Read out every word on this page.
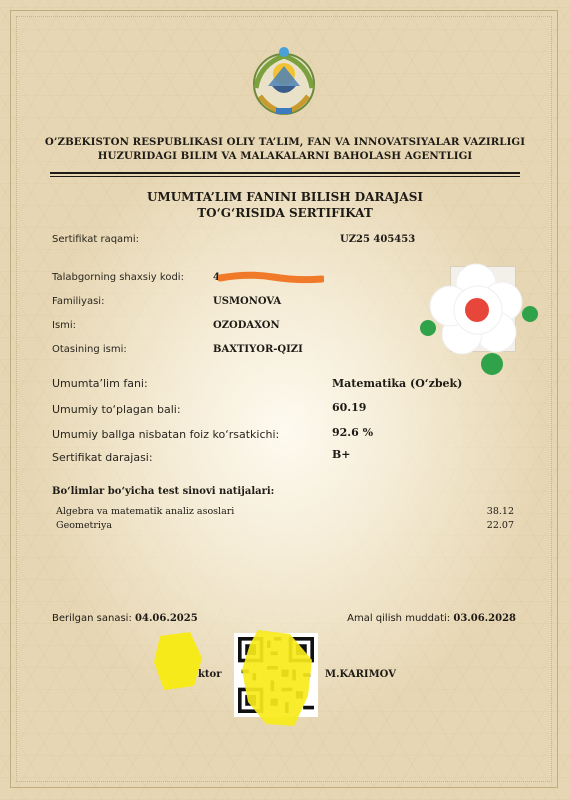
O’ZBEKISTON RESPUBLIKASI OLIY TA’LIM, FAN VA INNOVATSIYALAR VAZIRLIGI
HUZURIDAGI BILIM VA MALAKALARNI BAHOLASH AGENTLIGI
UMUMTA’LIM FANINI BILISH DARAJASI
TO‘G‘RISIDA SERTIFIKAT
Sertifikat raqami:	UZ25 405453
Talabgorning shaxsiy kodi:	4
Familiyasi:	USMONOVA
Ismi:	OZODAXON
Otasining ismi:	BAXTIYOR-QIZI
Umumta’lim fani:	Matematika (O‘zbek)
Umumiy to‘plagan bali:	60.19
Umumiy ballga nisbatan foiz ko‘rsatkichi:	92.6 %
Sertifikat darajasi:	B+
Bo‘limlar bo‘yicha test sinovi natijalari:
Algebra va matematik analiz asoslari	38.12
Geometriya	22.07
Berilgan sanasi: 04.06.2025	Amal qilish muddati: 03.06.2028
ktor	M.KARIMOV
